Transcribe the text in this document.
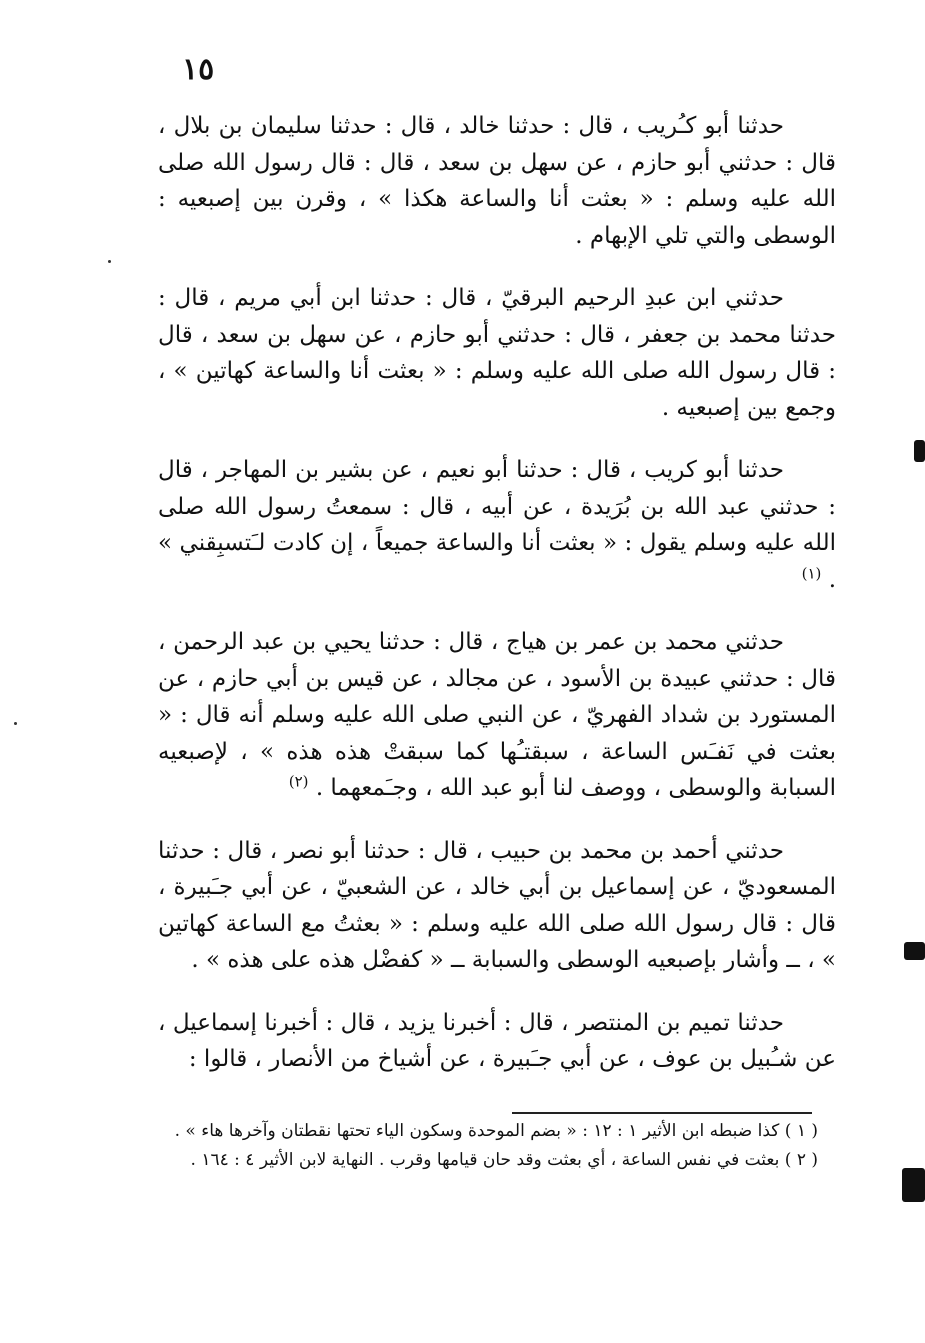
١٥

حدثنا أبو كـُريب ، قال : حدثنا خالد ، قال : حدثنا سليمان بن بلال ، قال : حدثني أبو حازم ، عن سهل بن سعد ، قال : قال رسول الله صلى الله عليه وسلم : « بعثت أنا والساعة هكذا » ، وقرن بين إصبعيه : الوسطى والتي تلي الإبهام .

حدثني ابن عبدِ الرحيم البرقيّ ، قال : حدثنا ابن أبي مريم ، قال : حدثنا محمد بن جعفر ، قال : حدثني أبو حازم ، عن سهل بن سعد ، قال : قال رسول الله صلى الله عليه وسلم : « بعثت أنا والساعة كهاتين » ، وجمع بين إصبعيه .

حدثنا أبو كريب ، قال : حدثنا أبو نعيم ، عن بشير بن المهاجر ، قال : حدثني عبد الله بن بُرَيدة ، عن أبيه ، قال : سمعتُ رسول الله صلى الله عليه وسلم يقول : « بعثت أنا والساعة جميعاً ، إن كادت لـَتسبِقني » . $^{(١)}$

حدثني محمد بن عمر بن هياج ، قال : حدثنا يحيي بن عبد الرحمن ، قال : حدثني عبيدة بن الأسود ، عن مجالد ، عن قيس بن أبي حازم ، عن المستورد بن شداد الفهريّ ، عن النبي صلى الله عليه وسلم أنه قال : « بعثت في نَفـَس الساعة ، سبقتـُها كما سبقتْ هذه هذه » ، لإصبعيه السبابة والوسطى ، ووصف لنا أبو عبد الله ، وجـَمعهما . $^{(٢)}$

حدثني أحمد بن محمد بن حبيب ، قال : حدثنا أبو نصر ، قال : حدثنا المسعوديّ ، عن إسماعيل بن أبي خالد ، عن الشعبيّ ، عن أبي جـَبيرة ، قال : قال رسول الله صلى الله عليه وسلم : « بعثتُ مع الساعة كهاتين » ، ــ وأشار بإصبعيه الوسطى والسبابة ــ « كفضْل هذه على هذه » .

حدثنا تميم بن المنتصر ، قال : أخبرنا يزيد ، قال : أخبرنا إسماعيل ، عن شـُبيل بن عوف ، عن أبي جـَبيرة ، عن أشياخ من الأنصار ، قالوا :

( ١ ) كذا ضبطه ابن الأثير ١ : ١٢ : « بضم الموحدة وسكون الياء تحتها نقطتان وآخرها هاء » .

( ٢ ) بعثت في نفس الساعة ، أي بعثت وقد حان قيامها وقرب . النهاية لابن الأثير ٤ : ١٦٤ .
